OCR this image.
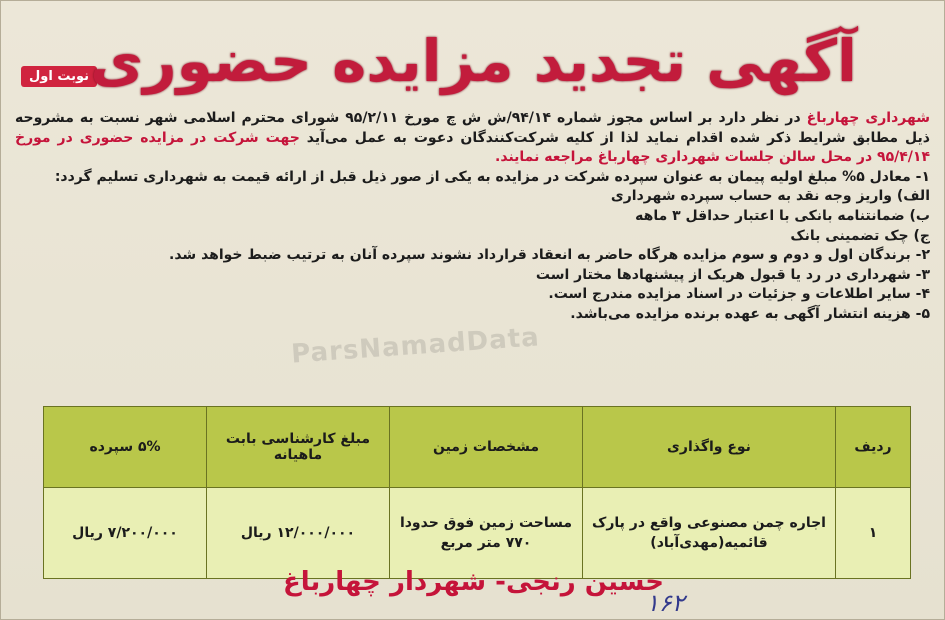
نوبت اول آگهی تجدید مزایده حضوری

شهرداری چهارباغ در نظر دارد بر اساس مجوز شماره ۹۴/۱۴/ش ش چ مورخ ۹۵/۲/۱۱ شورای محترم اسلامی شهر نسبت به مشروحه ذیل مطابق شرایط ذکر شده اقدام نماید لذا از کلیه شرکت‌کنندگان دعوت به عمل می‌آید جهت شرکت در مزایده حضوری در مورخ ۹۵/۴/۱۴ در محل سالن جلسات شهرداری چهارباغ مراجعه نمایند.

۱- معادل ۵% مبلغ اولیه پیمان به عنوان سپرده شرکت در مزایده به یکی از صور ذیل قبل از ارائه قیمت به شهرداری تسلیم گردد:
الف) واریز وجه نقد به حساب سپرده شهرداری
ب) ضمانتنامه بانکی با اعتبار حداقل ۳ ماهه
ج) چک تضمینی بانک
۲- برندگان اول و دوم و سوم مزایده هرگاه حاضر به انعقاد قرارداد نشوند سپرده آنان به ترتیب ضبط خواهد شد.
۳- شهرداری در رد یا قبول هریک از پیشنهادها مختار است
۴- سایر اطلاعات و جزئیات در اسناد مزایده مندرج است.
۵- هزینه انتشار آگهی به عهده برنده مزایده می‌باشد.
ParsNamadData
ردیف	نوع واگذاری	مشخصات زمین	مبلغ کارشناسی بابت ماهیانه	۵% سپرده
۱	اجاره چمن مصنوعی واقع در پارک قائمیه(مهدی‌آباد)	مساحت زمین فوق حدودا ۷۷۰ متر مربع	۱۲/۰۰۰/۰۰۰ ریال	۷/۲۰۰/۰۰۰ ریال
حسین رنجی- شهردار چهارباغ
۱۶۲
